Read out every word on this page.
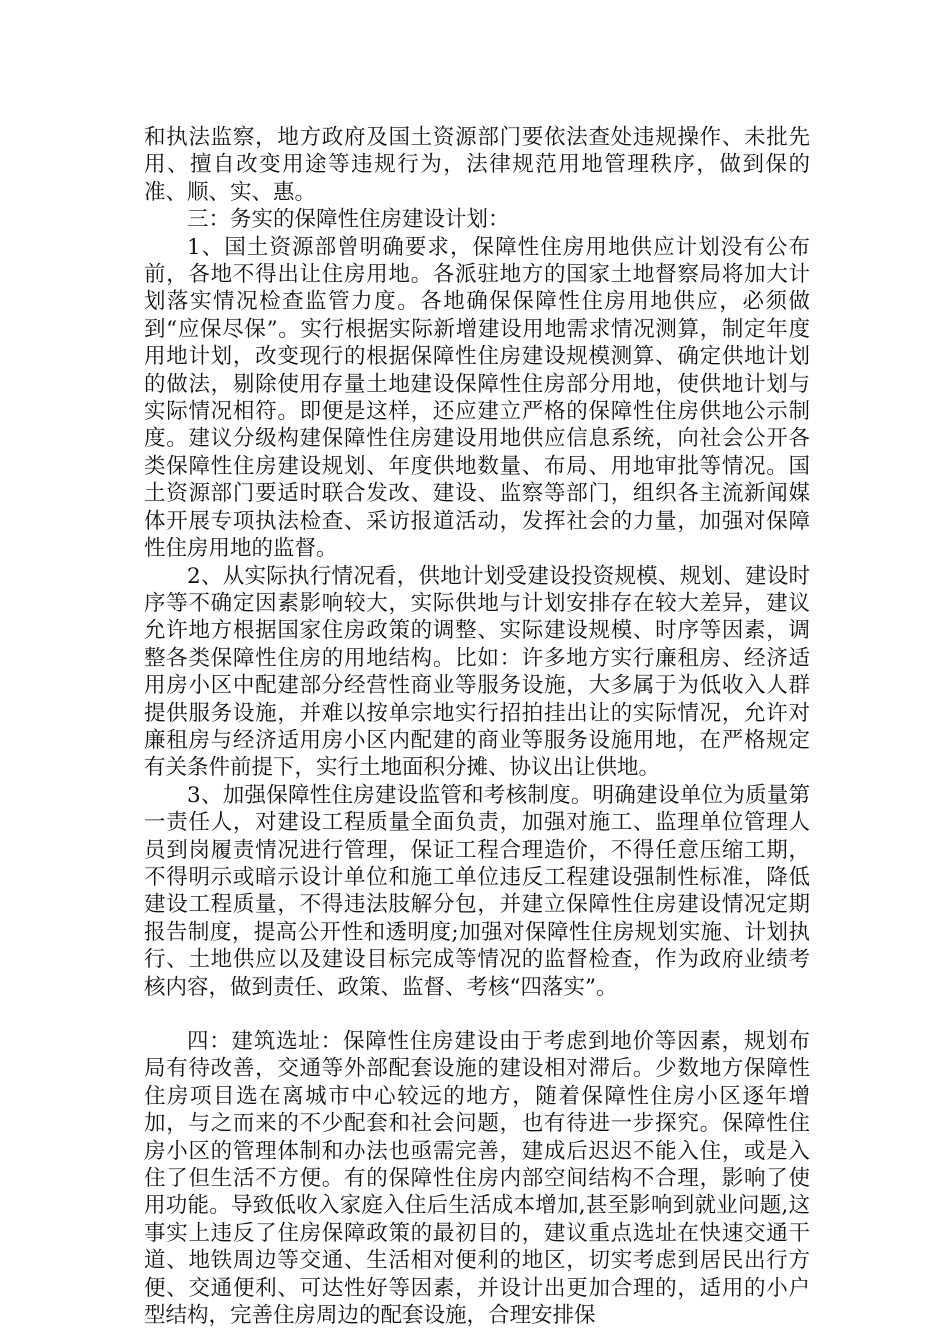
和执法监察，地方政府及国土资源部门要依法查处违规操作、未批先用、擅自改变用途等违规行为，法律规范用地管理秩序，做到保的准、顺、实、惠。

三：务实的保障性住房建设计划：

1、国土资源部曾明确要求，保障性住房用地供应计划没有公布前，各地不得出让住房用地。各派驻地方的国家土地督察局将加大计划落实情况检查监管力度。各地确保保障性住房用地供应，必须做到“应保尽保”。实行根据实际新增建设用地需求情况测算，制定年度用地计划，改变现行的根据保障性住房建设规模测算、确定供地计划的做法，剔除使用存量土地建设保障性住房部分用地，使供地计划与实际情况相符。即便是这样，还应建立严格的保障性住房供地公示制度。建议分级构建保障性住房建设用地供应信息系统，向社会公开各类保障性住房建设规划、年度供地数量、布局、用地审批等情况。国土资源部门要适时联合发改、建设、监察等部门，组织各主流新闻媒体开展专项执法检查、采访报道活动，发挥社会的力量，加强对保障性住房用地的监督。

2、从实际执行情况看，供地计划受建设投资规模、规划、建设时序等不确定因素影响较大，实际供地与计划安排存在较大差异，建议允许地方根据国家住房政策的调整、实际建设规模、时序等因素，调整各类保障性住房的用地结构。比如：许多地方实行廉租房、经济适用房小区中配建部分经营性商业等服务设施，大多属于为低收入人群提供服务设施，并难以按单宗地实行招拍挂出让的实际情况，允许对廉租房与经济适用房小区内配建的商业等服务设施用地，在严格规定有关条件前提下，实行土地面积分摊、协议出让供地。

3、加强保障性住房建设监管和考核制度。明确建设单位为质量第一责任人，对建设工程质量全面负责，加强对施工、监理单位管理人员到岗履责情况进行管理，保证工程合理造价，不得任意压缩工期，不得明示或暗示设计单位和施工单位违反工程建设强制性标准，降低建设工程质量，不得违法肢解分包，并建立保障性住房建设情况定期报告制度，提高公开性和透明度;加强对保障性住房规划实施、计划执行、土地供应以及建设目标完成等情况的监督检查，作为政府业绩考核内容，做到责任、政策、监督、考核“四落实”。

四：建筑选址：保障性住房建设由于考虑到地价等因素，规划布局有待改善，交通等外部配套设施的建设相对滞后。少数地方保障性住房项目选在离城市中心较远的地方，随着保障性住房小区逐年增加，与之而来的不少配套和社会问题，也有待进一步探究。保障性住房小区的管理体制和办法也亟需完善，建成后迟迟不能入住，或是入住了但生活不方便。有的保障性住房内部空间结构不合理，影响了使用功能。导致低收入家庭入住后生活成本增加,甚至影响到就业问题,这事实上违反了住房保障政策的最初目的，建议重点选址在快速交通干道、地铁周边等交通、生活相对便利的地区，切实考虑到居民出行方便、交通便利、可达性好等因素，并设计出更加合理的，适用的小户型结构，完善住房周边的配套设施，合理安排保
